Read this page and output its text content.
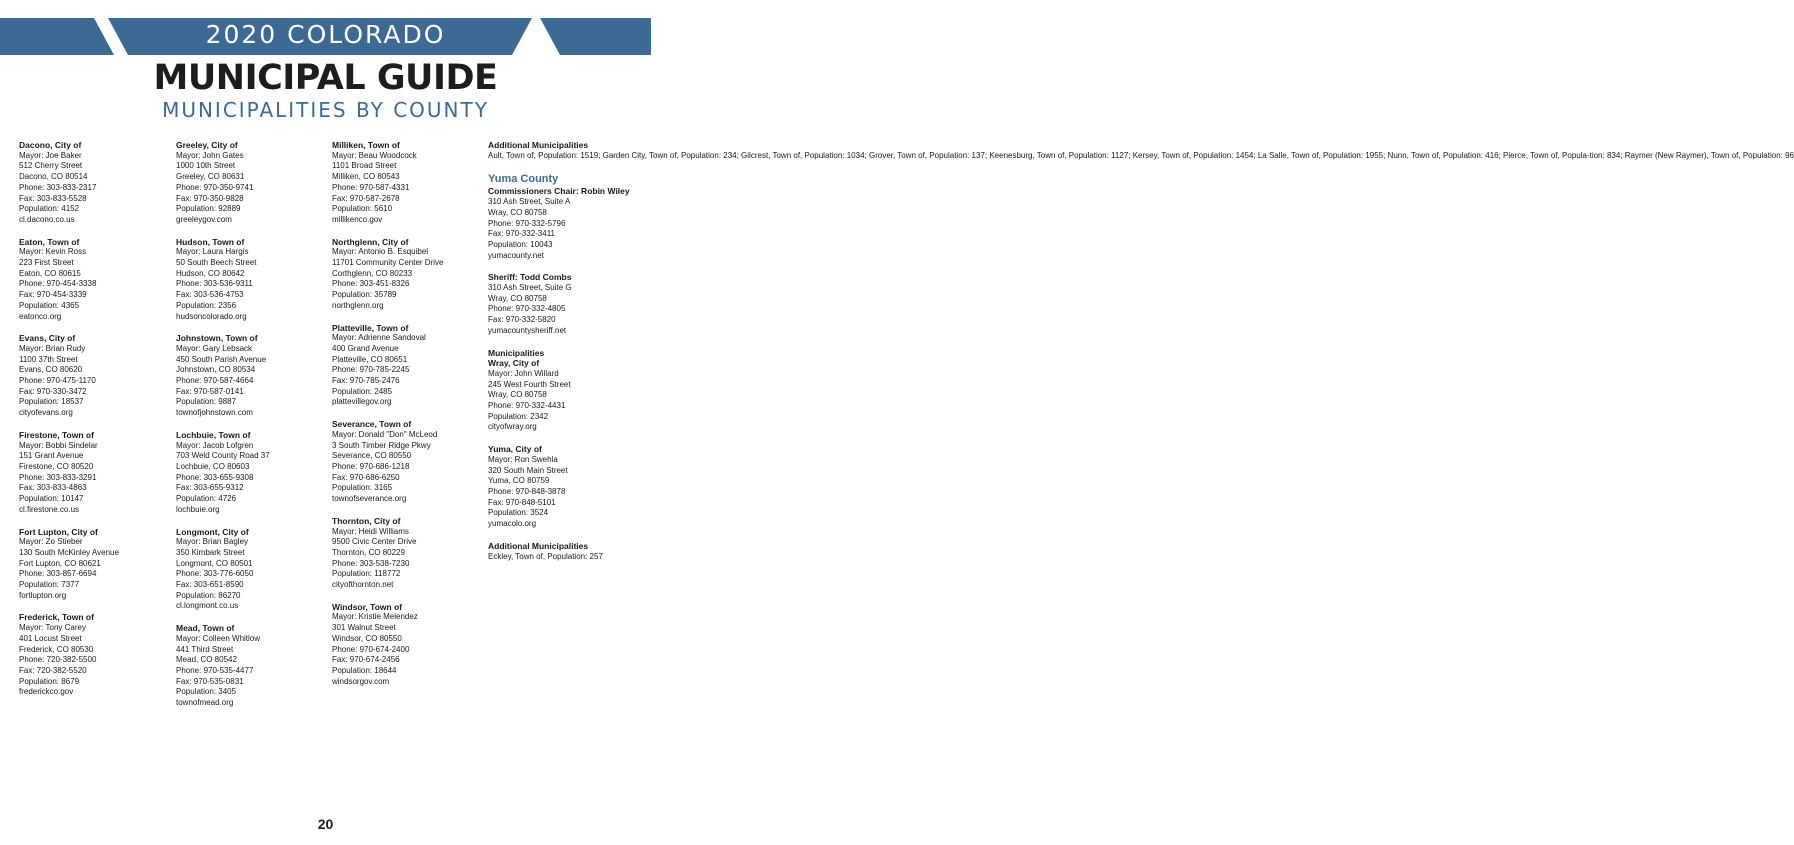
2020 COLORADO
MUNICIPAL GUIDE
MUNICIPALITIES BY COUNTY
Dacono, City of
Mayor: Joe Baker
512 Cherry Street
Dacono, CO 80514
Phone: 303-833-2317
Fax: 303-833-5528
Population: 4152
cl.dacono.co.us
Eaton, Town of
Mayor: Kevin Ross
223 First Street
Eaton, CO 80615
Phone: 970-454-3338
Fax: 970-454-3339
Population: 4365
eatonco.org
Evans, City of
Mayor: Brian Rudy
1100 37th Street
Evans, CO 80620
Phone: 970-475-1170
Fax: 970-330-3472
Population: 18537
cityofevans.org
Firestone, Town of
Mayor: Bobbi Sindelar
151 Grant Avenue
Firestone, CO 80520
Phone: 303-833-3291
Fax: 303-833-4863
Population: 10147
cl.firestone.co.us
Fort Lupton, City of
Mayor: Zo Stieber
130 South McKinley Avenue
Fort Lupton, CO 80621
Phone: 303-857-6694
Population: 7377
fortlupton.org
Frederick, Town of
Mayor: Tony Carey
401 Locust Street
Frederick, CO 80530
Phone: 720-382-5500
Fax: 720-382-5520
Population: 8679
frederickco.gov
Greeley, City of
Mayor: John Gates
1000 10th Street
Greeley, CO 80631
Phone: 970-350-9741
Fax: 970-350-9828
Population: 92889
greeleygov.com
Hudson, Town of
Mayor: Laura Hargis
50 South Beech Street
Hudson, CO 80642
Phone: 303-536-9311
Fax: 303-536-4753
Population: 2356
hudsoncolorado.org
Johnstown, Town of
Mayor: Gary Lebsack
450 South Parish Avenue
Johnstown, CO 80534
Phone: 970-587-4664
Fax: 970-587-0141
Population: 9887
townofjohnstown.com
Lochbuie, Town of
Mayor: Jacob Lofgren
703 Weld County Road 37
Lochbuie, CO 80603
Phone: 303-655-9308
Fax: 303-655-9312
Population: 4726
lochbuie.org
Longmont, City of
Mayor: Brian Bagley
350 Kimbark Street
Longmont, CO 80501
Phone: 303-776-6050
Fax: 303-651-8590
Population: 86270
cl.longmont.co.us
Mead, Town of
Mayor: Colleen Whitlow
441 Third Street
Mead, CO 80542
Phone: 970-535-4477
Fax: 970-535-0831
Population: 3405
townofmead.org
Milliken, Town of
Mayor: Beau Woodcock
1101 Broad Street
Milliken, CO 80543
Phone: 970-587-4331
Fax: 970-587-2678
Population: 5610
millikenco.gov
Northglenn, City of
Mayor: Antonio B. Esquibel
11701 Community Center Drive
Corthglenn, CO 80233
Phone: 303-451-8326
Population: 35789
northglenn.org
Platteville, Town of
Mayor: Adrienne Sandoval
400 Grand Avenue
Platteville, CO 80651
Phone: 970-785-2245
Fax: 970-785-2476
Population: 2485
plattevillegov.org
Severance, Town of
Mayor: Donald "Don" McLeod
3 South Timber Ridge Pkwy
Severance, CO 80550
Phone: 970-686-1218
Fax: 970-686-6250
Population: 3165
townofseverance.org
Thornton, City of
Mayor: Heidi Williams
9500 Civic Center Drive
Thornton, CO 80229
Phone: 303-538-7230
Population: 118772
cityofthornton.net
Windsor, Town of
Mayor: Kristie Melendez
301 Walnut Street
Windsor, CO 80550
Phone: 970-674-2400
Fax: 970-674-2456
Population: 18644
windsorgov.com
Additional Municipalities
Ault, Town of, Population: 1519; Garden City, Town of, Population: 234; Gilcrest, Town of, Population: 1034; Grover, Town of, Population: 137; Keenesburg, Town of, Population: 1127; Kersey, Town of, Population: 1454; La Salle, Town of, Population: 1955; Nunn, Town of, Population: 416; Pierce, Town of, Popula-tion: 834; Raymer (New Raymer), Town of, Population: 96
Yuma County
Commissioners Chair: Robin Wiley
310 Ash Street, Suite A
Wray, CO 80758
Phone: 970-332-5796
Fax: 970-332-3411
Population: 10043
yumacounty.net
Sheriff: Todd Combs
310 Ash Street, Suite G
Wray, CO 80758
Phone: 970-332-4805
Fax: 970-332-5820
yumacountysheriff.net
Municipalities
Wray, City of
Mayor: John Willard
245 West Fourth Street
Wray, CO 80758
Phone: 970-332-4431
Population: 2342
cityofwray.org
Yuma, City of
Mayor: Ron Swehla
320 South Main Street
Yuma, CO 80759
Phone: 970-848-3878
Fax: 970-848-5101
Population: 3524
yumacolo.org
Additional Municipalities
Eckley, Town of, Population: 257
20
